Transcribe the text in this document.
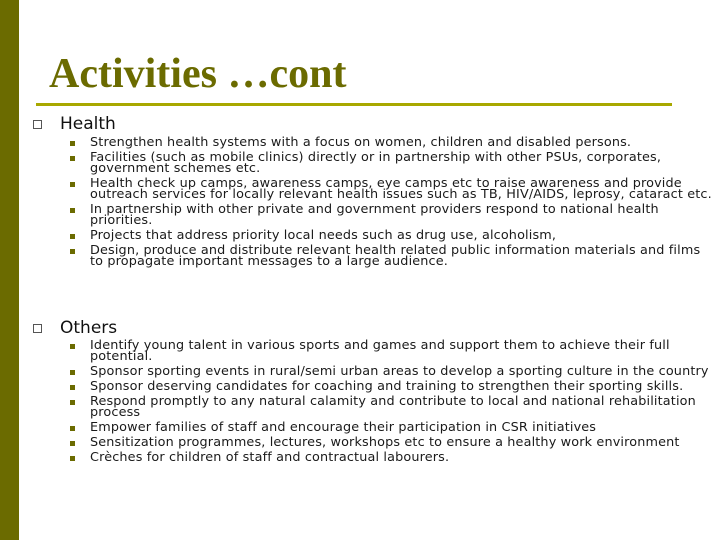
Activities …cont
Health
Strengthen health systems with a focus on women, children and disabled persons.
Facilities (such as mobile clinics) directly or in partnership with other PSUs, corporates, government schemes etc.
Health check up camps, awareness camps, eye camps etc to raise awareness and provide outreach services for locally relevant health issues such as TB, HIV/AIDS, leprosy, cataract etc.
In partnership with other private and government providers respond to national health priorities.
Projects that address priority local needs such as drug use, alcoholism,
Design, produce and distribute relevant health related public information materials and films to propagate important messages to a large audience.
Others
Identify young talent in various sports and games and support them to achieve their full potential.
Sponsor sporting events in rural/semi urban areas to develop a sporting culture in the country
Sponsor deserving candidates for coaching and training to strengthen their sporting skills.
Respond promptly to any natural calamity and contribute to local and national rehabilitation process
Empower families of staff and encourage their participation in CSR initiatives
Sensitization programmes, lectures, workshops etc to ensure a healthy work environment
Crèches for children of staff and contractual labourers.
